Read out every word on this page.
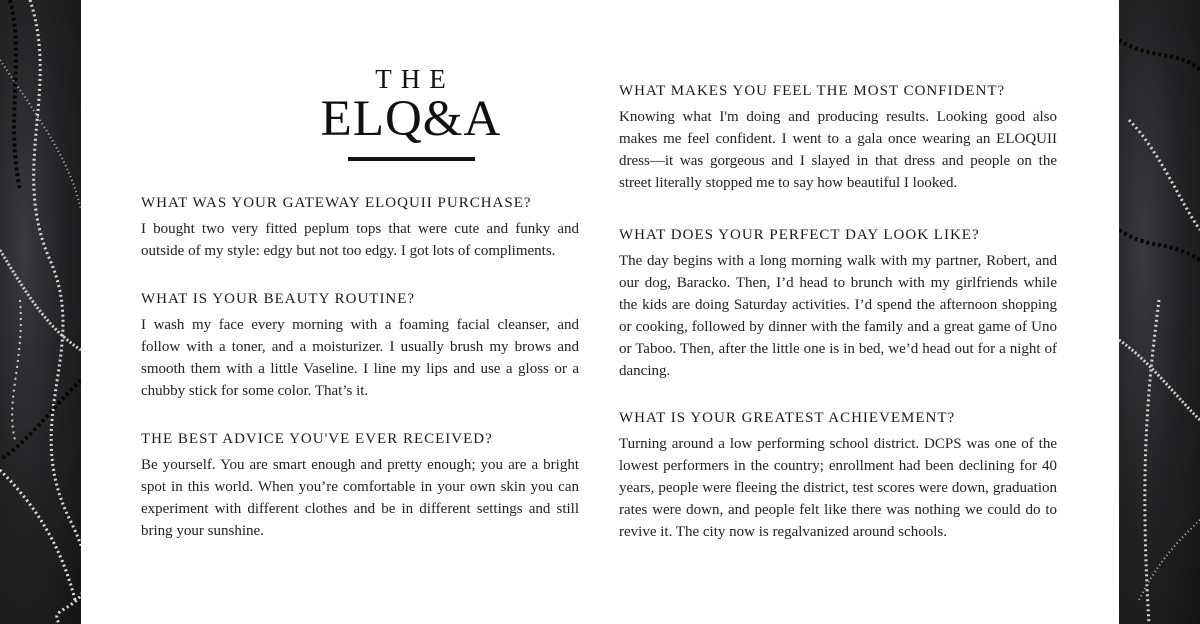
THE
ELQ&A
WHAT WAS YOUR GATEWAY ELOQUII PURCHASE?

I bought two very fitted peplum tops that were cute and funky and outside of my style: edgy but not too edgy. I got lots of compliments.

WHAT IS YOUR BEAUTY ROUTINE?

I wash my face every morning with a foaming facial cleanser, and follow with a toner, and a moisturizer. I usually brush my brows and smooth them with a little Vaseline. I line my lips and use a gloss or a chubby stick for some color. That’s it.

THE BEST ADVICE YOU'VE EVER RECEIVED?

Be yourself. You are smart enough and pretty enough; you are a bright spot in this world. When you’re comfortable in your own skin you can experiment with different clothes and be in different settings and still bring your sunshine.

WHAT MAKES YOU FEEL THE MOST CONFIDENT?

Knowing what I'm doing and producing results. Looking good also makes me feel confident. I went to a gala once wearing an ELOQUII dress—it was gorgeous and I slayed in that dress and people on the street literally stopped me to say how beautiful I looked.

WHAT DOES YOUR PERFECT DAY LOOK LIKE?

The day begins with a long morning walk with my partner, Robert, and our dog, Baracko. Then, I’d head to brunch with my girlfriends while the kids are doing Saturday activities. I’d spend the afternoon shopping or cooking, followed by dinner with the family and a great game of Uno or Taboo. Then, after the little one is in bed, we’d head out for a night of dancing.

WHAT IS YOUR GREATEST ACHIEVEMENT?

Turning around a low performing school district. DCPS was one of the lowest performers in the country; enrollment had been declining for 40 years, people were fleeing the district, test scores were down, graduation rates were down, and people felt like there was nothing we could do to revive it. The city now is regalvanized around schools.
